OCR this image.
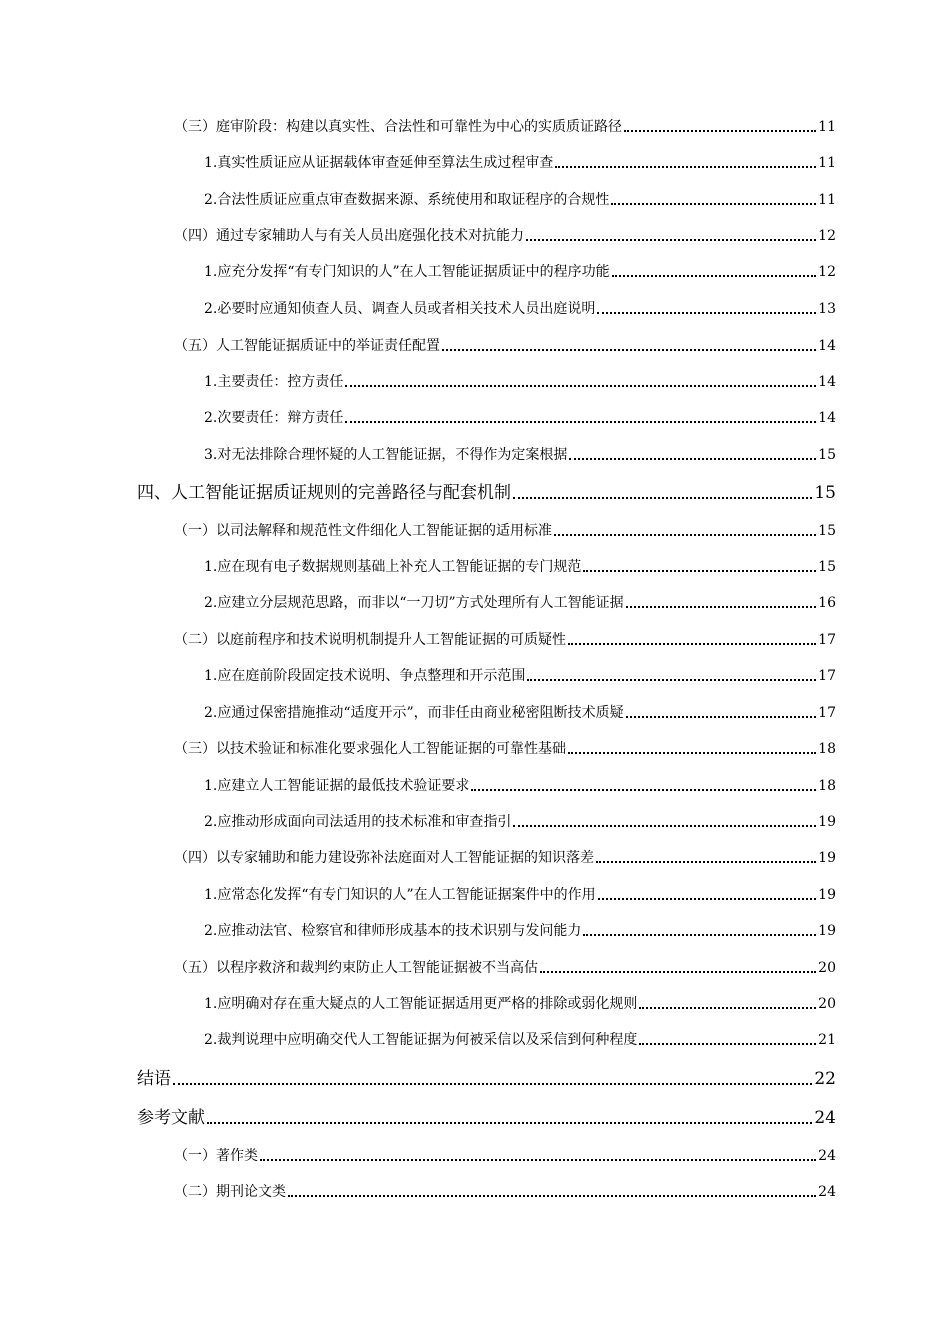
（三）庭审阶段：构建以真实性、合法性和可靠性为中心的实质质证路径	11
1.真实性质证应从证据载体审查延伸至算法生成过程审查	11
2.合法性质证应重点审查数据来源、系统使用和取证程序的合规性	11
（四）通过专家辅助人与有关人员出庭强化技术对抗能力	12
1.应充分发挥“有专门知识的人”在人工智能证据质证中的程序功能	12
2.必要时应通知侦查人员、调查人员或者相关技术人员出庭说明	13
（五）人工智能证据质证中的举证责任配置	14
1.主要责任：控方责任	14
2.次要责任：辩方责任	14
3.对无法排除合理怀疑的人工智能证据，不得作为定案根据	15
四、人工智能证据质证规则的完善路径与配套机制	15
（一）以司法解释和规范性文件细化人工智能证据的适用标准	15
1.应在现有电子数据规则基础上补充人工智能证据的专门规范	15
2.应建立分层规范思路，而非以“一刀切”方式处理所有人工智能证据	16
（二）以庭前程序和技术说明机制提升人工智能证据的可质疑性	17
1.应在庭前阶段固定技术说明、争点整理和开示范围	17
2.应通过保密措施推动“适度开示”，而非任由商业秘密阻断技术质疑	17
（三）以技术验证和标准化要求强化人工智能证据的可靠性基础	18
1.应建立人工智能证据的最低技术验证要求	18
2.应推动形成面向司法适用的技术标准和审查指引	19
（四）以专家辅助和能力建设弥补法庭面对人工智能证据的知识落差	19
1.应常态化发挥“有专门知识的人”在人工智能证据案件中的作用	19
2.应推动法官、检察官和律师形成基本的技术识别与发问能力	19
（五）以程序救济和裁判约束防止人工智能证据被不当高估	20
1.应明确对存在重大疑点的人工智能证据适用更严格的排除或弱化规则	20
2.裁判说理中应明确交代人工智能证据为何被采信以及采信到何种程度	21
结语	22
参考文献	24
（一）著作类	24
（二）期刊论文类	24
